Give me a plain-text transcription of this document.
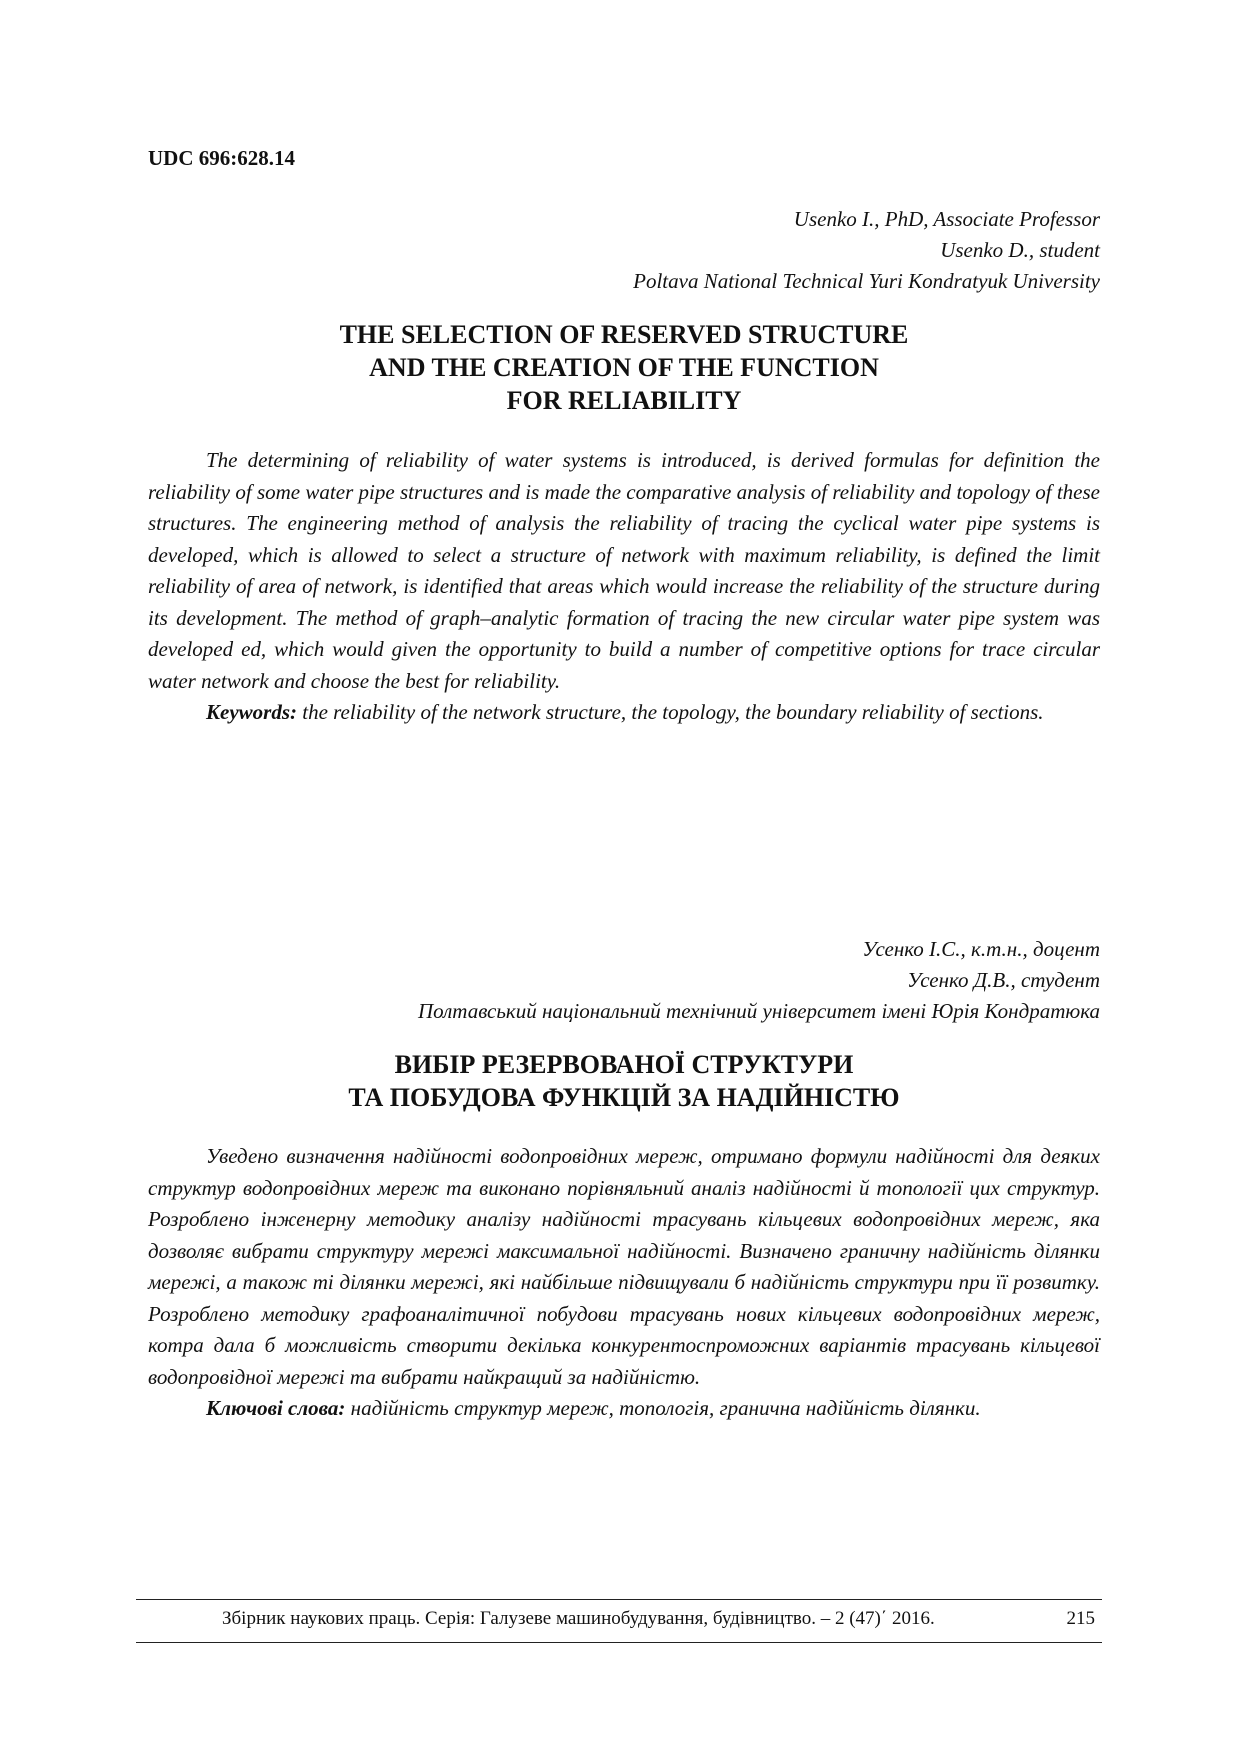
UDC 696:628.14
Usenko I., PhD, Associate Professor
Usenko D., student
Poltava National Technical Yuri Kondratyuk University
THE SELECTION OF RESERVED STRUCTURE
AND THE CREATION OF THE FUNCTION
FOR RELIABILITY
The determining of reliability of water systems is introduced, is derived formulas for definition the reliability of some water pipe structures and is made the comparative analysis of reliability and topology of these structures. The engineering method of analysis the reliability of tracing the cyclical water pipe systems is developed, which is allowed to select a structure of network with maximum reliability, is defined the limit reliability of area of network, is identified that areas which would increase the reliability of the structure during its development. The method of graph–analytic formation of tracing the new circular water pipe system was developed ed, which would given the opportunity to build a number of competitive options for trace circular water network and choose the best for reliability.
Keywords: the reliability of the network structure, the topology, the boundary reliability of sections.
Усенко І.С., к.т.н., доцент
Усенко Д.В., студент
Полтавський національний технічний університет імені Юрія Кондратюка
ВИБІР РЕЗЕРВОВАНОЇ СТРУКТУРИ
ТА ПОБУДОВА ФУНКЦІЙ ЗА НАДІЙНІСТЮ
Уведено визначення надійності водопровідних мереж, отримано формули надійності для деяких структур водопровідних мереж та виконано порівняльний аналіз надійності й топології цих структур. Розроблено інженерну методику аналізу надійності трасувань кільцевих водопровідних мереж, яка дозволяє вибрати структуру мережі максимальної надійності. Визначено граничну надійність ділянки мережі, а також ті ділянки мережі, які найбільше підвищували б надійність структури при її розвитку. Розроблено методику графоаналітичної побудови трасувань нових кільцевих водопровідних мереж, котра дала б можливість створити декілька конкурентоспроможних варіантів трасувань кільцевої водопровідної мережі та вибрати найкращий за надійністю.
Ключові слова: надійність структур мереж, топологія, гранична надійність ділянки.
Збірник наукових праць. Серія: Галузеве машинобудування, будівництво. – 2 (47)΄ 2016.	215
